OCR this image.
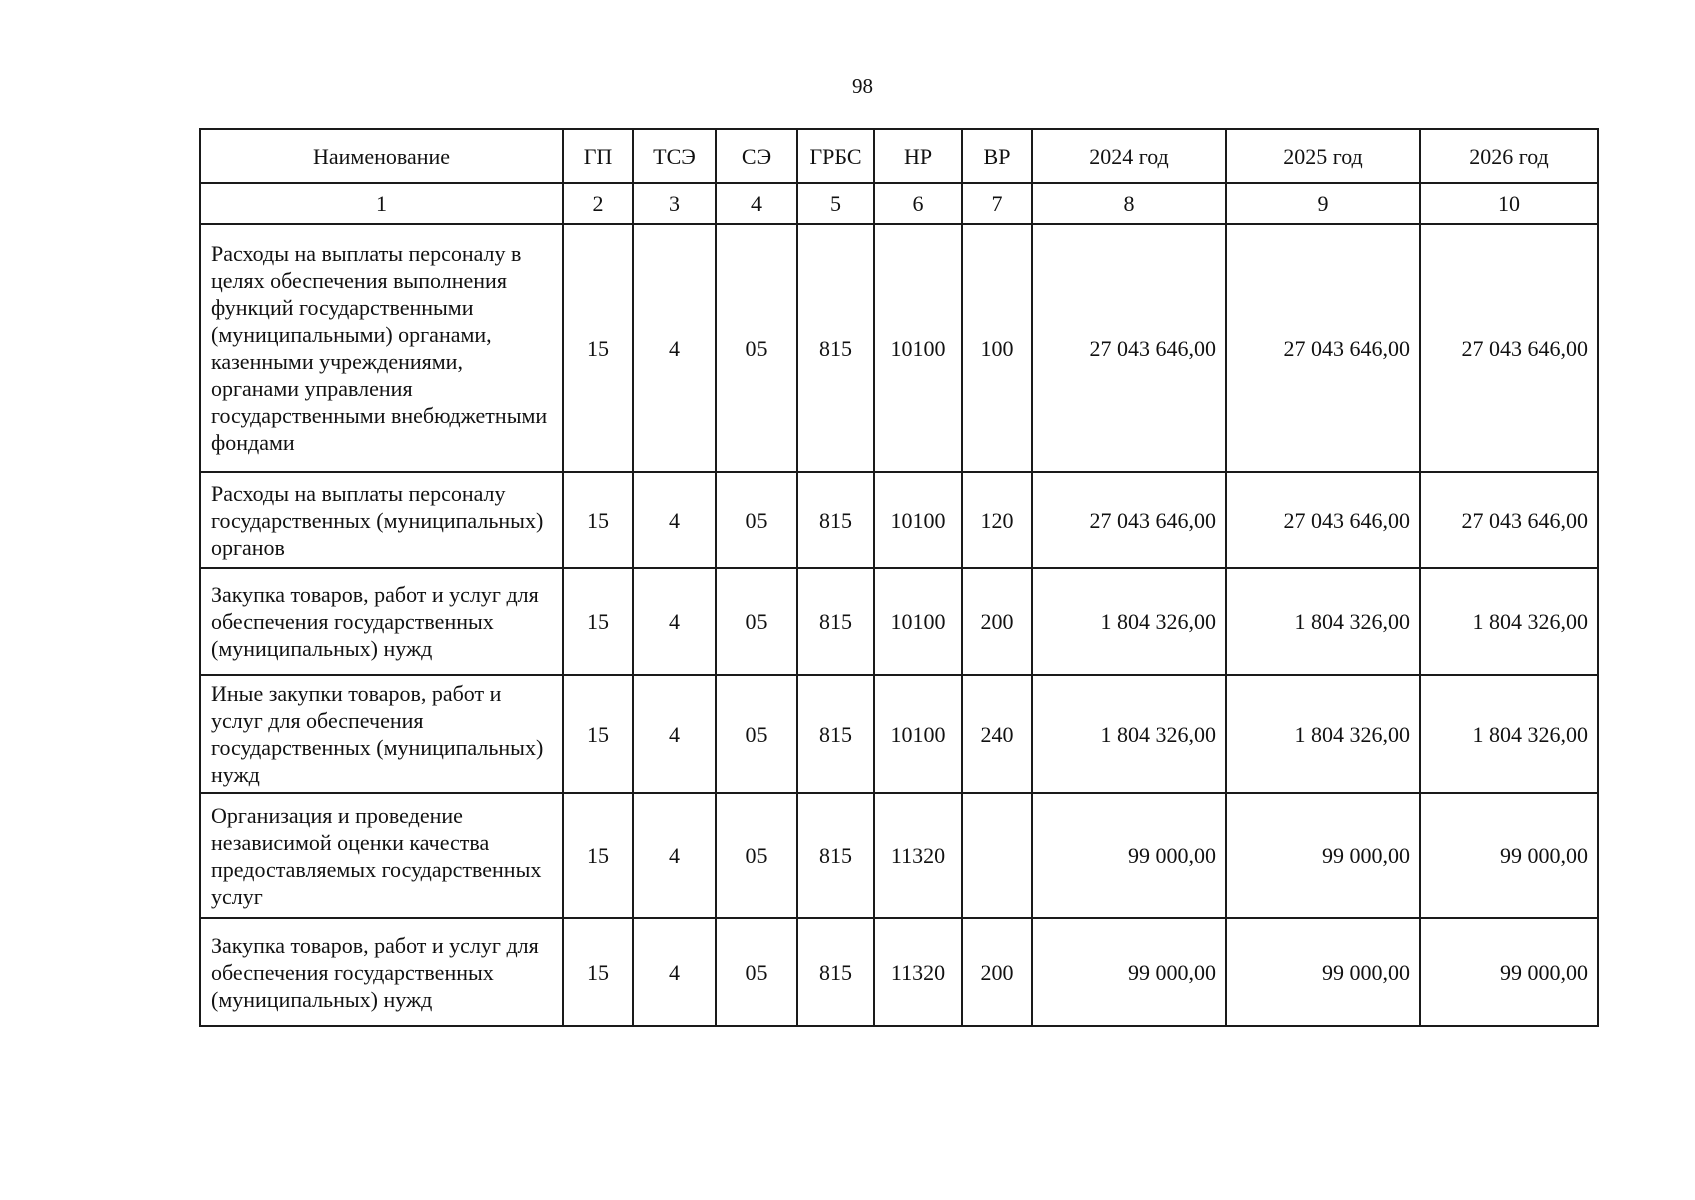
98
Наименование	ГП	ТСЭ	СЭ	ГРБС	НР	ВР	2024 год	2025 год	2026 год
1	2	3	4	5	6	7	8	9	10
Расходы на выплаты персоналу в целях обеспечения выполнения функций государственными (муниципальными) органами, казенными учреждениями, органами управления государственными внебюджетными фондами	15	4	05	815	10100	100	27 043 646,00	27 043 646,00	27 043 646,00
Расходы на выплаты персоналу государственных (муниципальных) органов	15	4	05	815	10100	120	27 043 646,00	27 043 646,00	27 043 646,00
Закупка товаров, работ и услуг для обеспечения государственных (муниципальных) нужд	15	4	05	815	10100	200	1 804 326,00	1 804 326,00	1 804 326,00
Иные закупки товаров, работ и услуг для обеспечения государственных (муниципальных) нужд	15	4	05	815	10100	240	1 804 326,00	1 804 326,00	1 804 326,00
Организация и проведение независимой оценки качества предоставляемых государственных услуг	15	4	05	815	11320		99 000,00	99 000,00	99 000,00
Закупка товаров, работ и услуг для обеспечения государственных (муниципальных) нужд	15	4	05	815	11320	200	99 000,00	99 000,00	99 000,00
